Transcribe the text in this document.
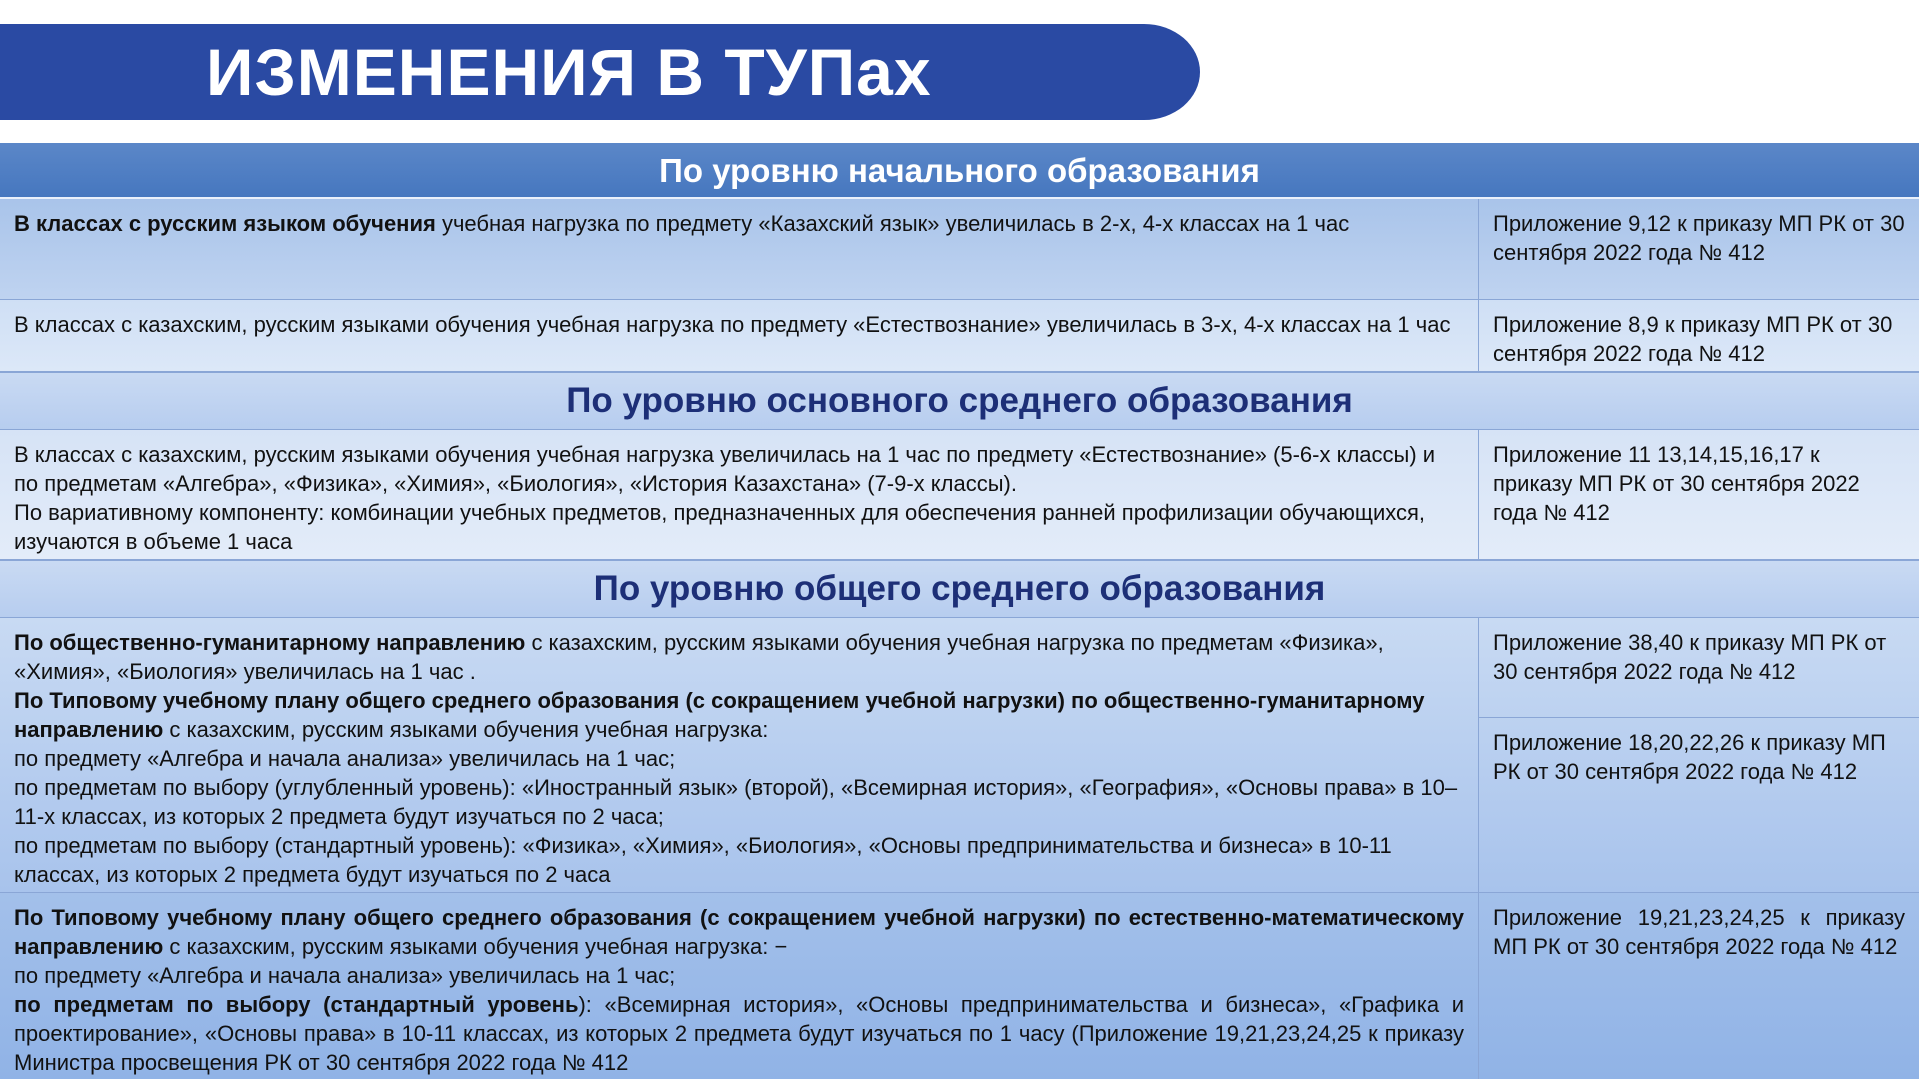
ИЗМЕНЕНИЯ В ТУПах
По уровню начального образования
В классах с русским языком обучения учебная нагрузка по предмету «Казахский язык» увеличилась в 2-х, 4-х классах на 1 час	Приложение 9,12 к приказу МП РК от 30 сентября 2022 года № 412
В классах с казахским, русским языками обучения учебная нагрузка по предмету «Естествознание» увеличилась в 3-х, 4-х классах на 1 час	Приложение 8,9 к приказу МП РК от 30 сентября 2022 года № 412
По уровню основного среднего образования

В классах с казахским, русским языками обучения учебная нагрузка увеличилась на 1 час по предмету «Естествознание» (5-6-х классы) и по предметам «Алгебра», «Физика», «Химия», «Биология», «История Казахстана» (7-9-х классы).

По вариативному компоненту: комбинации учебных предметов, предназначенных для обеспечения ранней профилизации обучающихся, изучаются в объеме 1 часа

Приложение 11 13,14,15,16,17 к приказу МП РК от 30 сентября 2022 года № 412
По уровню общего среднего образования

По общественно-гуманитарному направлению с казахским, русским языками обучения учебная нагрузка по предметам «Физика», «Химия», «Биология» увеличилась на 1 час .

По Типовому учебному плану общего среднего образования (с сокращением учебной нагрузки) по общественно-гуманитарному направлению с казахским, русским языками обучения учебная нагрузка:

по предмету «Алгебра и начала анализа» увеличилась на 1 час;

по предметам по выбору (углубленный уровень): «Иностранный язык» (второй), «Всемирная история», «География», «Основы права» в 10–11-х классах, из которых 2 предмета будут изучаться по 2 часа;

по предметам по выбору (стандартный уровень): «Физика», «Химия», «Биология», «Основы предпринимательства и бизнеса» в 10-11 классах, из которых 2 предмета будут изучаться по 2 часа

Приложение 38,40 к приказу МП РК от 30 сентября 2022 года № 412
Приложение 18,20,22,26 к приказу МП РК от 30 сентября 2022 года № 412

По Типовому учебному плану общего среднего образования (с сокращением учебной нагрузки) по естественно-математическому направлению с казахским, русским языками обучения учебная нагрузка: −

по предмету «Алгебра и начала анализа» увеличилась на 1 час;

по предметам по выбору (стандартный уровень): «Всемирная история», «Основы предпринимательства и бизнеса», «Графика и проектирование», «Основы права» в 10-11 классах, из которых 2 предмета будут изучаться по 1 часу (Приложение 19,21,23,24,25 к приказу Министра просвещения РК от 30 сентября 2022 года № 412

Приложение 19,21,23,24,25 к приказу МП РК от 30 сентября 2022 года № 412
